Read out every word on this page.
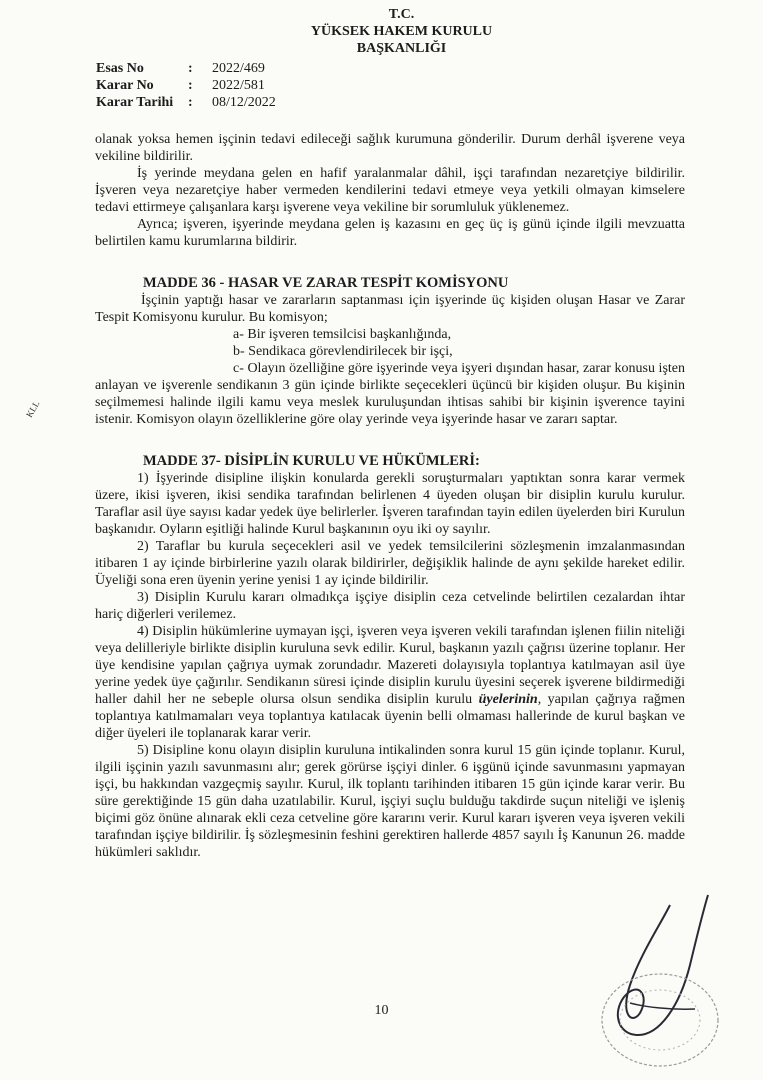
T.C.
YÜKSEK HAKEM KURULU
BAŞKANLIĞI
Esas No	:	2022/469
Karar No	:	2022/581
Karar Tarihi	:	08/12/2022

olanak yoksa hemen işçinin tedavi edileceği sağlık kurumuna gönderilir. Durum derhâl işverene veya vekiline bildirilir.

İş yerinde meydana gelen en hafif yaralanmalar dâhil, işçi tarafından nezaretçiye bildirilir. İşveren veya nezaretçiye haber vermeden kendilerini tedavi etmeye veya yetkili olmayan kimselere tedavi ettirmeye çalışanlara karşı işverene veya vekiline bir sorumluluk yüklenemez.

Ayrıca; işveren, işyerinde meydana gelen iş kazasını en geç üç iş günü içinde ilgili mevzuatta belirtilen kamu kurumlarına bildirir.

MADDE 36 - HASAR VE ZARAR TESPİT KOMİSYONU

İşçinin yaptığı hasar ve zararların saptanması için işyerinde üç kişiden oluşan Hasar ve Zarar Tespit Komisyonu kurulur. Bu komisyon;

a- Bir işveren temsilcisi başkanlığında,

b- Sendikaca görevlendirilecek bir işçi,

c- Olayın özelliğine göre işyerinde veya işyeri dışından hasar, zarar konusu işten anlayan ve işverenle sendikanın 3 gün içinde birlikte seçecekleri üçüncü bir kişiden oluşur. Bu kişinin seçilmemesi halinde ilgili kamu veya meslek kuruluşundan ihtisas sahibi bir kişinin işverence tayini istenir. Komisyon olayın özelliklerine göre olay yerinde veya işyerinde hasar ve zararı saptar.

MADDE 37- DİSİPLİN KURULU VE HÜKÜMLERİ:

1) İşyerinde disipline ilişkin konularda gerekli soruşturmaları yaptıktan sonra karar vermek üzere, ikisi işveren, ikisi sendika tarafından belirlenen 4 üyeden oluşan bir disiplin kurulu kurulur. Taraflar asil üye sayısı kadar yedek üye belirlerler. İşveren tarafından tayin edilen üyelerden biri Kurulun başkanıdır. Oyların eşitliği halinde Kurul başkanının oyu iki oy sayılır.

2) Taraflar bu kurula seçecekleri asil ve yedek temsilcilerini sözleşmenin imzalanmasından itibaren 1 ay içinde birbirlerine yazılı olarak bildirirler, değişiklik halinde de aynı şekilde hareket edilir. Üyeliği sona eren üyenin yerine yenisi 1 ay içinde bildirilir.

3) Disiplin Kurulu kararı olmadıkça işçiye disiplin ceza cetvelinde belirtilen cezalardan ihtar hariç diğerleri verilemez.

4) Disiplin hükümlerine uymayan işçi, işveren veya işveren vekili tarafından işlenen fiilin niteliği veya delilleriyle birlikte disiplin kuruluna sevk edilir. Kurul, başkanın yazılı çağrısı üzerine toplanır. Her üye kendisine yapılan çağrıya uymak zorundadır. Mazereti dolayısıyla toplantıya katılmayan asil üye yerine yedek üye çağırılır. Sendikanın süresi içinde disiplin kurulu üyesini seçerek işverene bildirmediği haller dahil her ne sebeple olursa olsun sendika disiplin kurulu üyelerinin, yapılan çağrıya rağmen toplantıya katılmamaları veya toplantıya katılacak üyenin belli olmaması hallerinde de kurul başkan ve diğer üyeleri ile toplanarak karar verir.

5) Disipline konu olayın disiplin kuruluna intikalinden sonra kurul 15 gün içinde toplanır. Kurul, ilgili işçinin yazılı savunmasını alır; gerek görürse işçiyi dinler. 6 işgünü içinde savunmasını yapmayan işçi, bu hakkından vazgeçmiş sayılır. Kurul, ilk toplantı tarihinden itibaren 15 gün içinde karar verir. Bu süre gerektiğinde 15 gün daha uzatılabilir. Kurul, işçiyi suçlu bulduğu takdirde suçun niteliği ve işleniş biçimi göz önüne alınarak ekli ceza cetveline göre kararını verir. Kurul kararı işveren veya işveren vekili tarafından işçiye bildirilir. İş sözleşmesinin feshini gerektiren hallerde 4857 sayılı İş Kanunun 26. madde hükümleri saklıdır.

10
KLL
